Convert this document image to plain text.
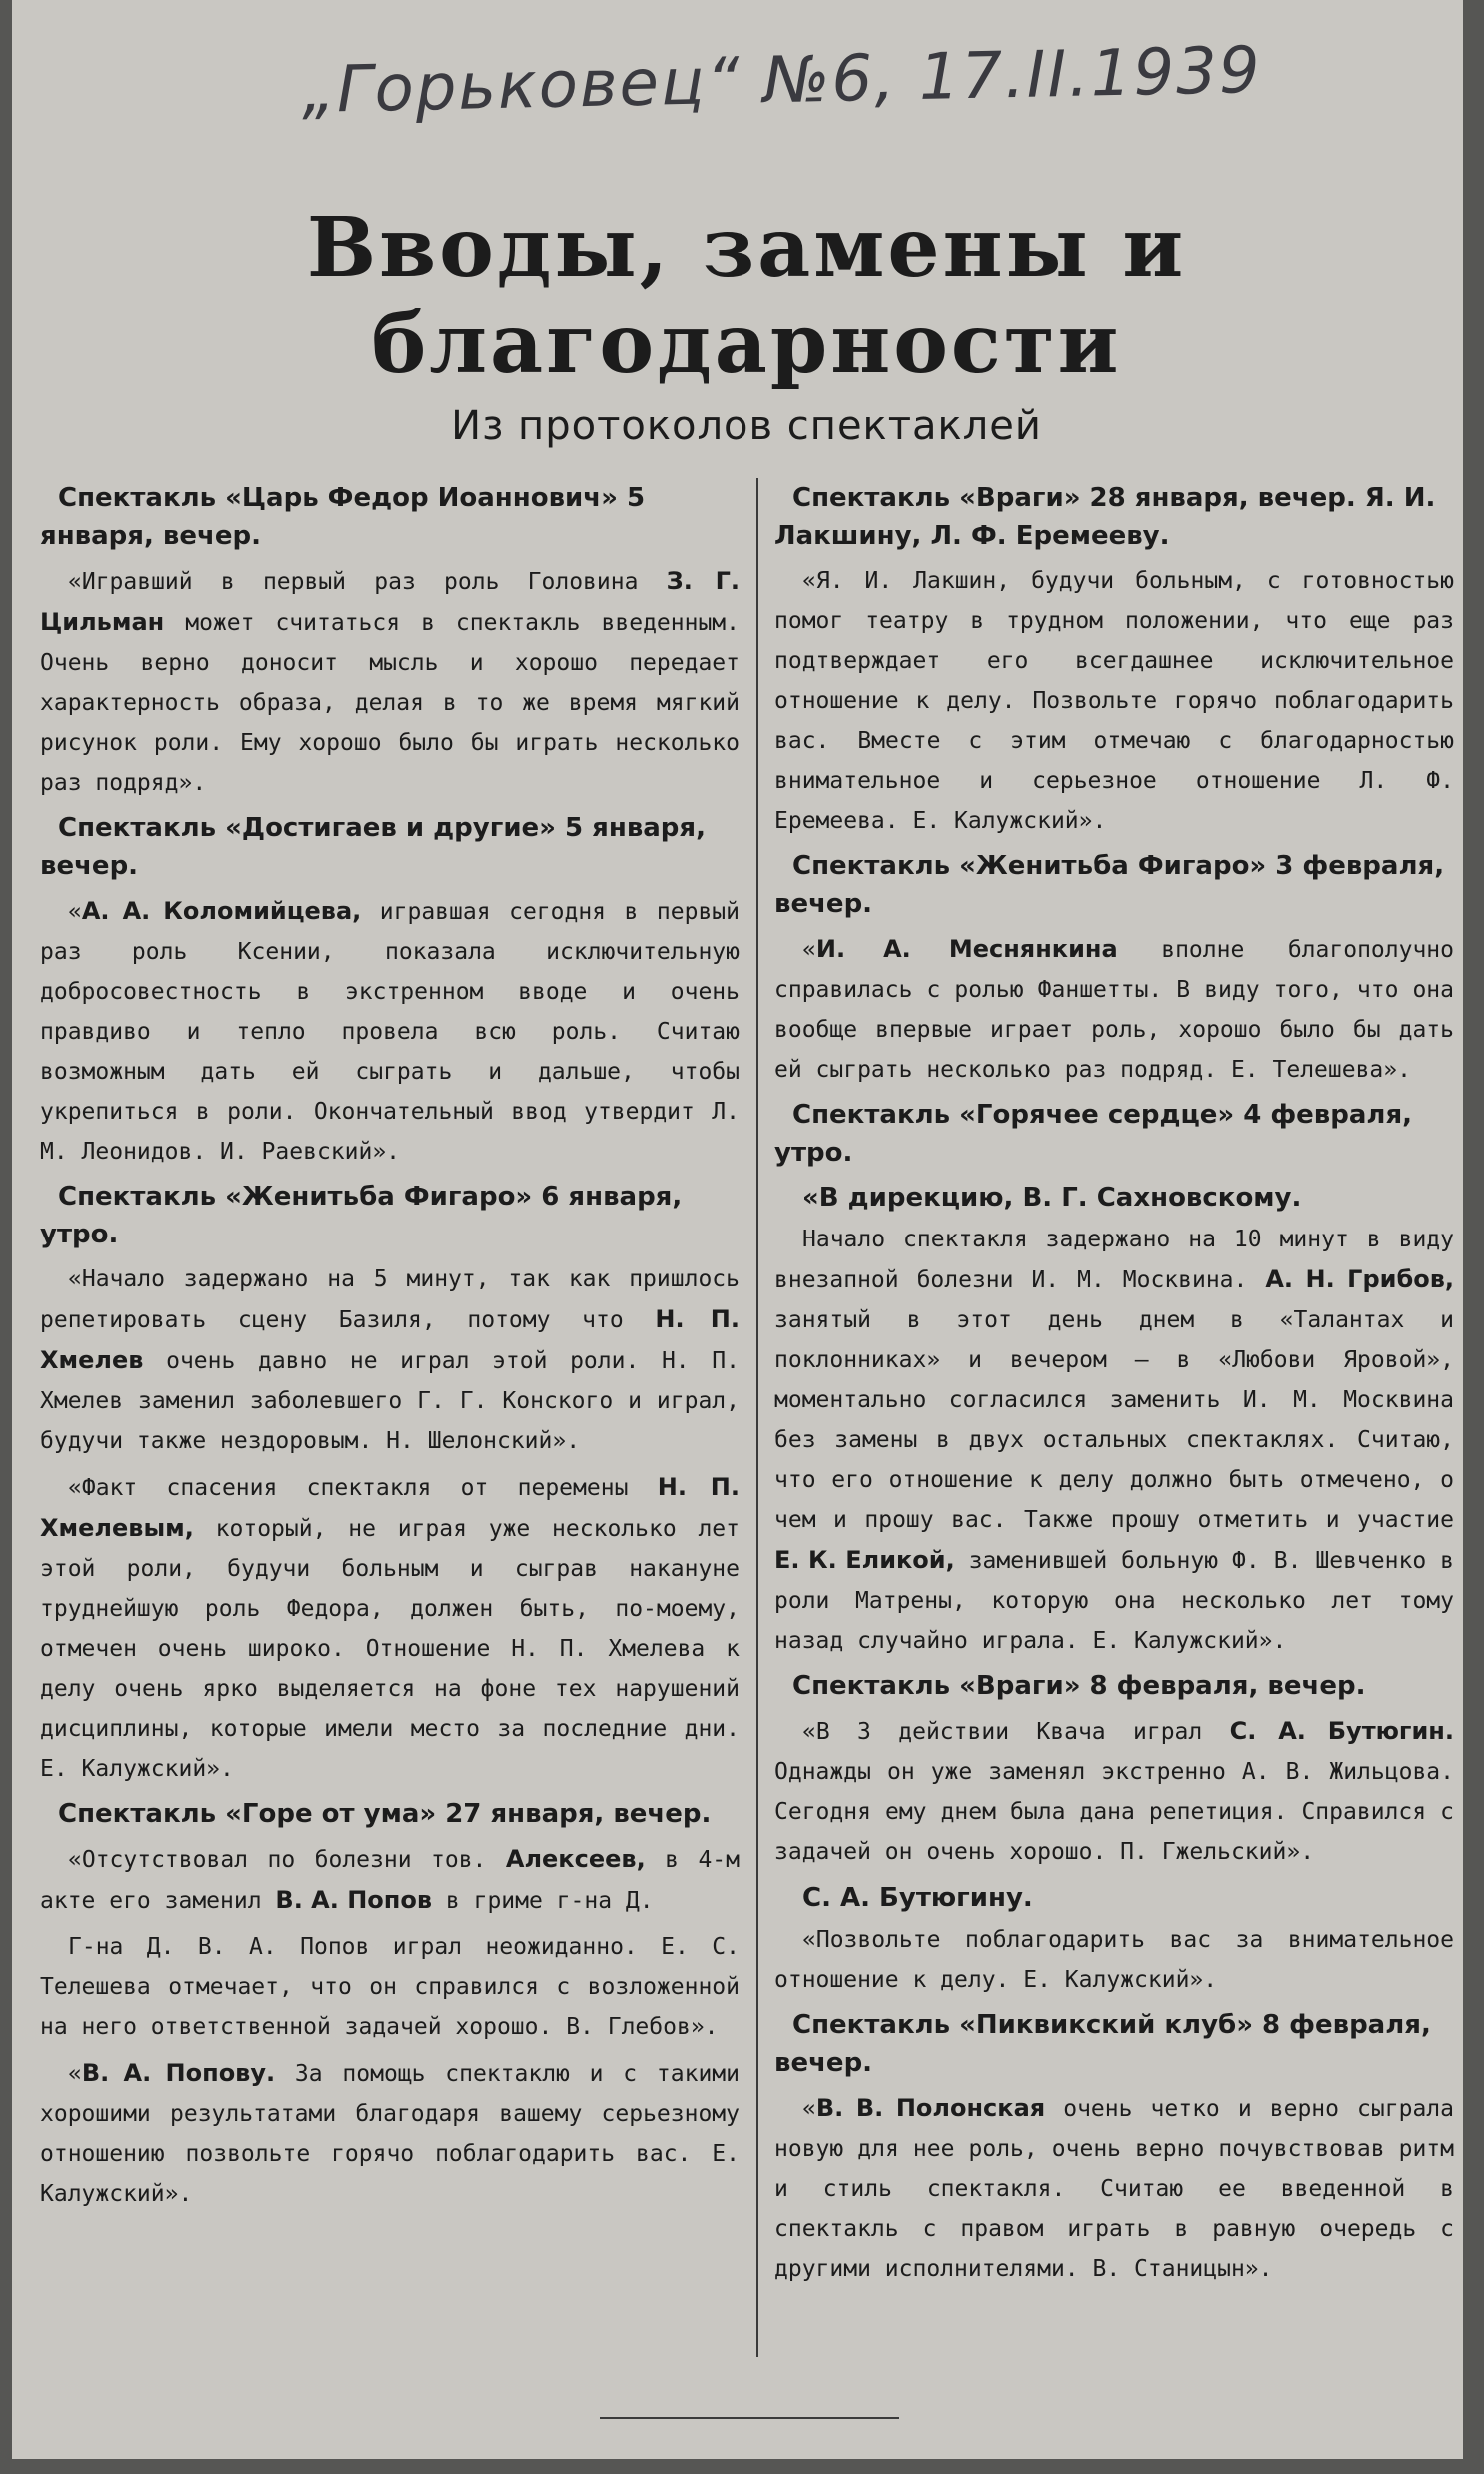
„Горьковец“ №6, 17.II.1939
Вводы, замены и
благодарности
Из протоколов спектаклей
Спектакль «Царь Федор Иоаннович» 5 января, вечер.
«Игравший в первый раз роль Головина З. Г. Цильман может считаться в спектакль введенным. Очень верно доносит мысль и хорошо передает характерность образа, делая в то же время мягкий рисунок роли. Ему хорошо было бы играть несколько раз подряд».
Спектакль «Достигаев и другие» 5 января, вечер.
«А. А. Коломийцева, игравшая сегодня в первый раз роль Ксении, показала исключительную добросовестность в экстренном вводе и очень правдиво и тепло провела всю роль. Считаю возможным дать ей сыграть и дальше, чтобы укрепиться в роли. Окончательный ввод утвердит Л. М. Леонидов. И. Раевский».
Спектакль «Женитьба Фигаро» 6 января, утро.
«Начало задержано на 5 минут, так как пришлось репетировать сцену Базиля, потому что Н. П. Хмелев очень давно не играл этой роли. Н. П. Хмелев заменил заболевшего Г. Г. Конского и играл, будучи также нездоровым. Н. Шелонский».
«Факт спасения спектакля от перемены Н. П. Хмелевым, который, не играя уже несколько лет этой роли, будучи больным и сыграв накануне труднейшую роль Федора, должен быть, по-моему, отмечен очень широко. Отношение Н. П. Хмелева к делу очень ярко выделяется на фоне тех нарушений дисциплины, которые имели место за последние дни. Е. Калужский».
Спектакль «Горе от ума» 27 января, вечер.
«Отсутствовал по болезни тов. Алексеев, в 4-м акте его заменил В. А. Попов в гриме г-на Д.
Г-на Д. В. А. Попов играл неожиданно. Е. С. Телешева отмечает, что он справился с возложенной на него ответственной задачей хорошо. В. Глебов».
«В. А. Попову. За помощь спектаклю и с такими хорошими результатами благодаря вашему серьезному отношению позвольте горячо поблагодарить вас. Е. Калужский».
Спектакль «Враги» 28 января, вечер. Я. И. Лакшину, Л. Ф. Еремееву.
«Я. И. Лакшин, будучи больным, с готовностью помог театру в трудном положении, что еще раз подтверждает его всегдашнее исключительное отношение к делу. Позвольте горячо поблагодарить вас. Вместе с этим отмечаю с благодарностью внимательное и серьезное отношение Л. Ф. Еремеева. Е. Калужский».
Спектакль «Женитьба Фигаро» 3 февраля, вечер.
«И. А. Меснянкина вполне благополучно справилась с ролью Фаншетты. В виду того, что она вообще впервые играет роль, хорошо было бы дать ей сыграть несколько раз подряд. Е. Телешева».
Спектакль «Горячее сердце» 4 февраля, утро.
«В дирекцию, В. Г. Сахновскому.
Начало спектакля задержано на 10 минут в виду внезапной болезни И. М. Москвина. А. Н. Грибов, занятый в этот день днем в «Талантах и поклонниках» и вечером — в «Любови Яровой», моментально согласился заменить И. М. Москвина без замены в двух остальных спектаклях. Считаю, что его отношение к делу должно быть отмечено, о чем и прошу вас. Также прошу отметить и участие Е. К. Еликой, заменившей больную Ф. В. Шевченко в роли Матрены, которую она несколько лет тому назад случайно играла. Е. Калужский».
Спектакль «Враги» 8 февраля, вечер.
«В 3 действии Квача играл С. А. Бутюгин. Однажды он уже заменял экстренно А. В. Жильцова. Сегодня ему днем была дана репетиция. Справился с задачей он очень хорошо. П. Гжельский».
С. А. Бутюгину.
«Позвольте поблагодарить вас за внимательное отношение к делу. Е. Калужский».
Спектакль «Пиквикский клуб» 8 февраля, вечер.
«В. В. Полонская очень четко и верно сыграла новую для нее роль, очень верно почувствовав ритм и стиль спектакля. Считаю ее введенной в спектакль с правом играть в равную очередь с другими исполнителями. В. Станицын».
